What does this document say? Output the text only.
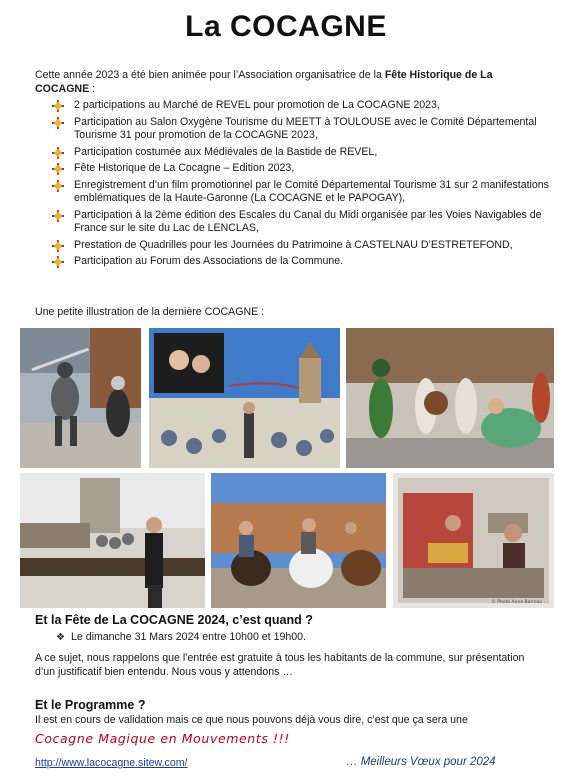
La COCAGNE
Cette année 2023 a été bien animée pour l’Association organisatrice de la Fête Historique de La COCAGNE :
2 participations au Marché de REVEL pour promotion de La COCAGNE 2023,
Participation au Salon Oxygène Tourisme du MEETT à TOULOUSE avec le Comité Départemental Tourisme 31 pour promotion de la COCAGNE 2023,
Participation costumée aux Médiévales de la Bastide de REVEL,
Fête Historique de La Cocagne – Edition 2023,
Enregistrement d’un film promotionnel par le Comité Départemental Tourisme 31 sur 2 manifestations emblématiques de la Haute-Garonne (La COCAGNE et le PAPOGAY),
Participation à la 2ème édition des Escales du Canal du Midi organisée par les Voies Navigables de France sur le site du Lac de LENCLAS,
Prestation de Quadrilles pour les Journées du Patrimoine à CASTELNAU D’ESTRETEFOND,
Participation au Forum des Associations de la Commune.
Une petite illustration de la dernière COCAGNE :
© Photo Anne Barreau ...
Et la Fête de La COCAGNE 2024, c’est quand ?
❖ Le dimanche 31 Mars 2024 entre 10h00 et 19h00.
A ce sujet, nous rappelons que l’entrée est gratuite à tous les habitants de la commune, sur présentation d’un justificatif bien entendu. Nous vous y attendons …
Et le Programme ?
Il est en cours de validation mais ce que nous pouvons déjà vous dire, c’est que ça sera une
Cocagne Magique en Mouvements !!!
http://www.lacocagne.sitew.com/	… Meilleurs Vœux pour 2024
